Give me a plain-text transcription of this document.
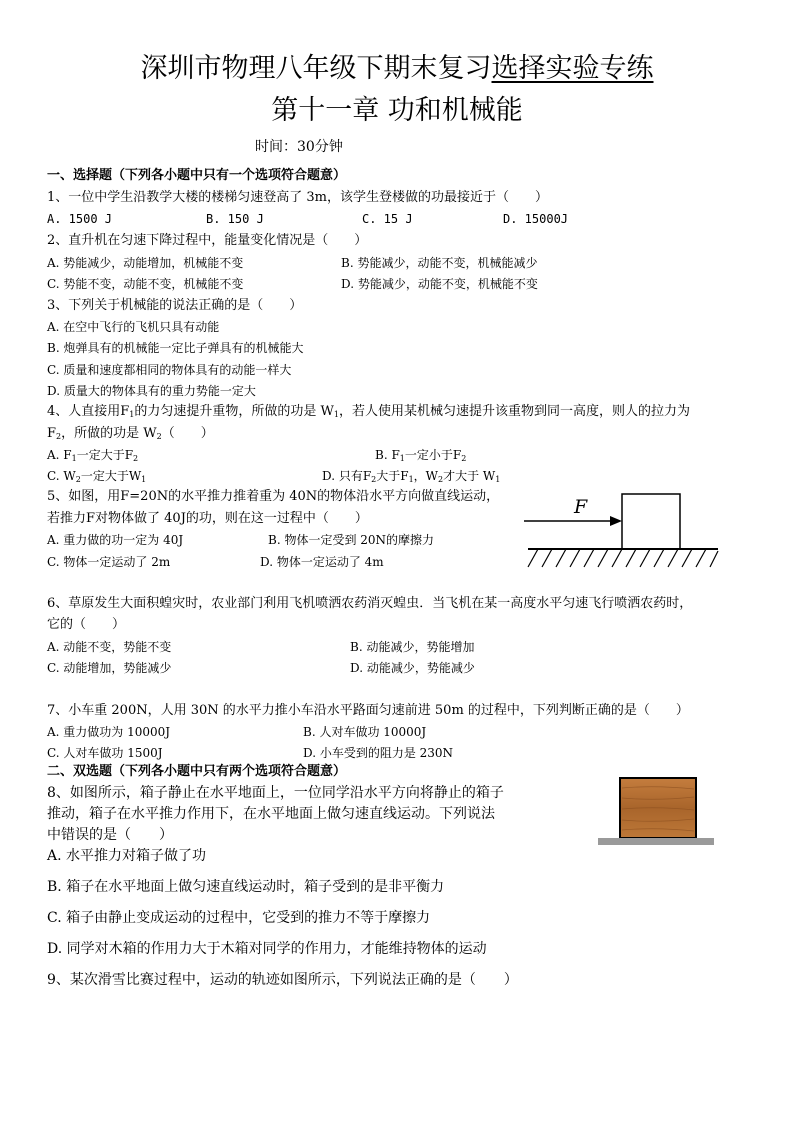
深圳市物理八年级下期末复习选择实验专练
第十一章 功和机械能
时间：30分钟
一、选择题（下列各小题中只有一个选项符合题意）
1、一位中学生沿教学大楼的楼梯匀速登高了 3m，该学生登楼做的功最接近于（　　）
A. 1500 J	B. 150 J	C. 15 J	D. 15000J
2、直升机在匀速下降过程中，能量变化情况是（　　）
A. 势能减少，动能增加，机械能不变	B. 势能减少，动能不变，机械能减少
C. 势能不变，动能不变，机械能不变	D. 势能减少，动能不变，机械能不变
3、下列关于机械能的说法正确的是（　　）
A. 在空中飞行的飞机只具有动能
B. 炮弹具有的机械能一定比子弹具有的机械能大
C. 质量和速度都相同的物体具有的动能一样大
D. 质量大的物体具有的重力势能一定大
4、人直接用$F_1$的力匀速提升重物，所做的功是 $W_1$，若人使用某机械匀速提升该重物到同一高度，则人的拉力为
$F_2$，所做的功是 $W_2$（　　）
A. $F_1$一定大于$F_2$	B. $F_1$一定小于$F_2$
C. $W_2$一定大于$W_1$	D. 只有$F_2$大于$F_1$，$W_2$才大于 $W_1$
5、如图，用F=20N的水平推力推着重为 40N的物体沿水平方向做直线运动，
若推力F对物体做了 40J的功，则在这一过程中（　　）
A. 重力做的功一定为 40J	B. 物体一定受到 20N的摩擦力
C. 物体一定运动了 2m	D. 物体一定运动了 4m
F
6、草原发生大面积蝗灾时，农业部门利用飞机喷洒农药消灭蝗虫．当飞机在某一高度水平匀速飞行喷洒农药时，
它的（　　）
A. 动能不变，势能不变	B. 动能减少，势能增加
C. 动能增加，势能减少	D. 动能减少，势能减少
7、小车重 200N，人用 30N 的水平力推小车沿水平路面匀速前进 50m 的过程中，下列判断正确的是（　　）
A. 重力做功为 10000J	B. 人对车做功 10000J
C. 人对车做功 1500J	D. 小车受到的阻力是 230N
二、双选题（下列各小题中只有两个选项符合题意）
8、如图所示，箱子静止在水平地面上，一位同学沿水平方向将静止的箱子
推动，箱子在水平推力作用下，在水平地面上做匀速直线运动。下列说法
中错误的是（　　）
A. 水平推力对箱子做了功
B. 箱子在水平地面上做匀速直线运动时，箱子受到的是非平衡力
C. 箱子由静止变成运动的过程中，它受到的推力不等于摩擦力
D. 同学对木箱的作用力大于木箱对同学的作用力，才能维持物体的运动
9、某次滑雪比赛过程中，运动的轨迹如图所示，下列说法正确的是（　　）
